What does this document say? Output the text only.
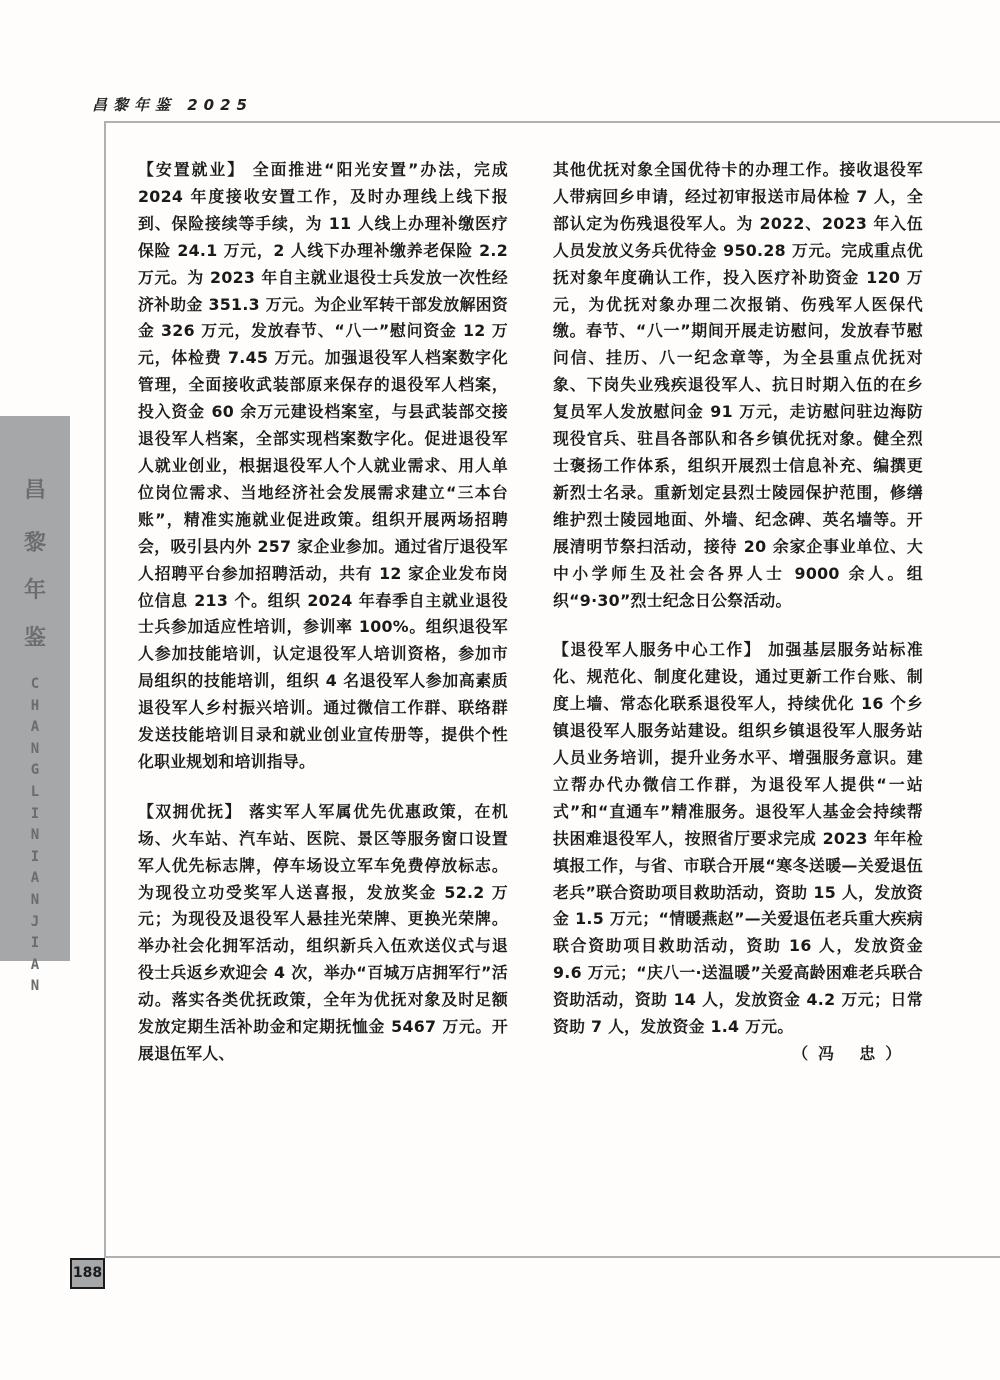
昌黎年鉴 2025
昌
黎
年
鉴
C
H
A
N
G
L
I
N
I
A
N
J
I
A
N

【安置就业】 全面推进“阳光安置”办法，完成 2024 年度接收安置工作，及时办理线上线下报到、保险接续等手续，为 11 人线上办理补缴医疗保险 24.1 万元，2 人线下办理补缴养老保险 2.2 万元。为 2023 年自主就业退役士兵发放一次性经济补助金 351.3 万元。为企业军转干部发放解困资金 326 万元，发放春节、“八一”慰问资金 12 万元，体检费 7.45 万元。加强退役军人档案数字化管理，全面接收武装部原来保存的退役军人档案，投入资金 60 余万元建设档案室，与县武装部交接退役军人档案，全部实现档案数字化。促进退役军人就业创业，根据退役军人个人就业需求、用人单位岗位需求、当地经济社会发展需求建立“三本台账”，精准实施就业促进政策。组织开展两场招聘会，吸引县内外 257 家企业参加。通过省厅退役军人招聘平台参加招聘活动，共有 12 家企业发布岗位信息 213 个。组织 2024 年春季自主就业退役士兵参加适应性培训，参训率 100%。组织退役军人参加技能培训，认定退役军人培训资格，参加市局组织的技能培训，组织 4 名退役军人参加高素质退役军人乡村振兴培训。通过微信工作群、联络群发送技能培训目录和就业创业宣传册等，提供个性化职业规划和培训指导。

【双拥优抚】 落实军人军属优先优惠政策，在机场、火车站、汽车站、医院、景区等服务窗口设置军人优先标志牌，停车场设立军车免费停放标志。为现役立功受奖军人送喜报，发放奖金 52.2 万元；为现役及退役军人悬挂光荣牌、更换光荣牌。举办社会化拥军活动，组织新兵入伍欢送仪式与退役士兵返乡欢迎会 4 次，举办“百城万店拥军行”活动。落实各类优抚政策，全年为优抚对象及时足额发放定期生活补助金和定期抚恤金 5467 万元。开展退伍军人、

其他优抚对象全国优待卡的办理工作。接收退役军人带病回乡申请，经过初审报送市局体检 7 人，全部认定为伤残退役军人。为 2022、2023 年入伍人员发放义务兵优待金 950.28 万元。完成重点优抚对象年度确认工作，投入医疗补助资金 120 万元，为优抚对象办理二次报销、伤残军人医保代缴。春节、“八一”期间开展走访慰问，发放春节慰问信、挂历、八一纪念章等，为全县重点优抚对象、下岗失业残疾退役军人、抗日时期入伍的在乡复员军人发放慰问金 91 万元，走访慰问驻边海防现役官兵、驻昌各部队和各乡镇优抚对象。健全烈士褒扬工作体系，组织开展烈士信息补充、编撰更新烈士名录。重新划定县烈士陵园保护范围，修缮维护烈士陵园地面、外墙、纪念碑、英名墙等。开展清明节祭扫活动，接待 20 余家企事业单位、大中小学师生及社会各界人士 9000 余人。组织“9·30”烈士纪念日公祭活动。

【退役军人服务中心工作】 加强基层服务站标准化、规范化、制度化建设，通过更新工作台账、制度上墙、常态化联系退役军人，持续优化 16 个乡镇退役军人服务站建设。组织乡镇退役军人服务站人员业务培训，提升业务水平、增强服务意识。建立帮办代办微信工作群，为退役军人提供“一站式”和“直通车”精准服务。退役军人基金会持续帮扶困难退役军人，按照省厅要求完成 2023 年年检填报工作，与省、市联合开展“寒冬送暖—关爱退伍老兵”联合资助项目救助活动，资助 15 人，发放资金 1.5 万元；“情暖燕赵”—关爱退伍老兵重大疾病联合资助项目救助活动，资助 16 人，发放资金 9.6 万元；“庆八一·送温暖”关爱高龄困难老兵联合资助活动，资助 14 人，发放资金 4.2 万元；日常资助 7 人，发放资金 1.4 万元。

（冯 忠）

188
